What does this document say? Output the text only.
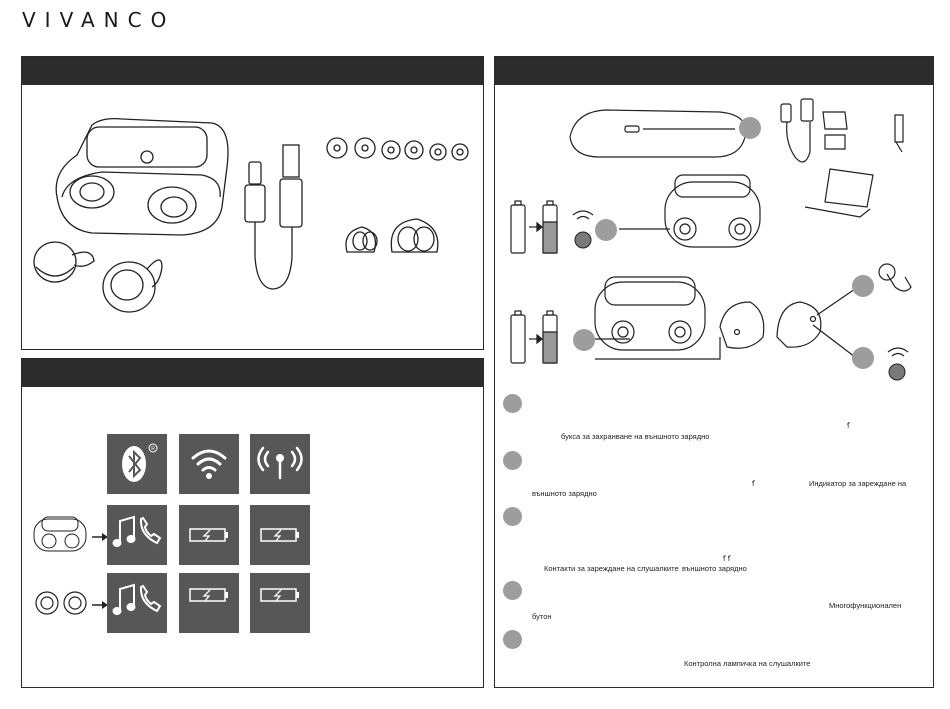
VIVANCO
R
ẝ
букса за захранване на външното зарядно
ẝ	Индикатор за зареждане на
външното зарядно
ẝ ẝ
Контакти за зареждане на слушалките външното зарядно
Многофункционален
бутон
Контролна лампичка на слушалките
